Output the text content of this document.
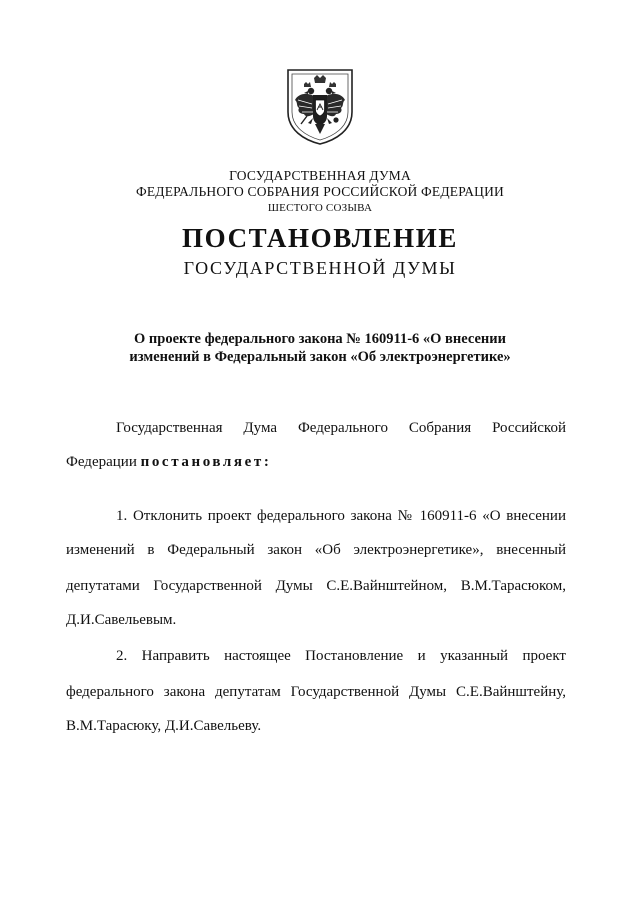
ГОСУДАРСТВЕННАЯ ДУМА
ФЕДЕРАЛЬНОГО СОБРАНИЯ РОССИЙСКОЙ ФЕДЕРАЦИИ
ШЕСТОГО СОЗЫВА
ПОСТАНОВЛЕНИЕ
ГОСУДАРСТВЕННОЙ ДУМЫ
О проекте федерального закона № 160911-6 «О внесении
изменений в Федеральный закон «Об электроэнергетике»
Государственная Дума Федерального Собрания Российской
Федерации постановляет:
1. Отклонить проект федерального закона № 160911-6 «О внесении
изменений в Федеральный закон «Об электроэнергетике», внесенный
депутатами Государственной Думы С.Е.Вайнштейном, В.М.Тарасюком,
Д.И.Савельевым.
2. Направить настоящее Постановление и указанный проект
федерального закона депутатам Государственной Думы С.Е.Вайнштейну,
В.М.Тарасюку, Д.И.Савельеву.
